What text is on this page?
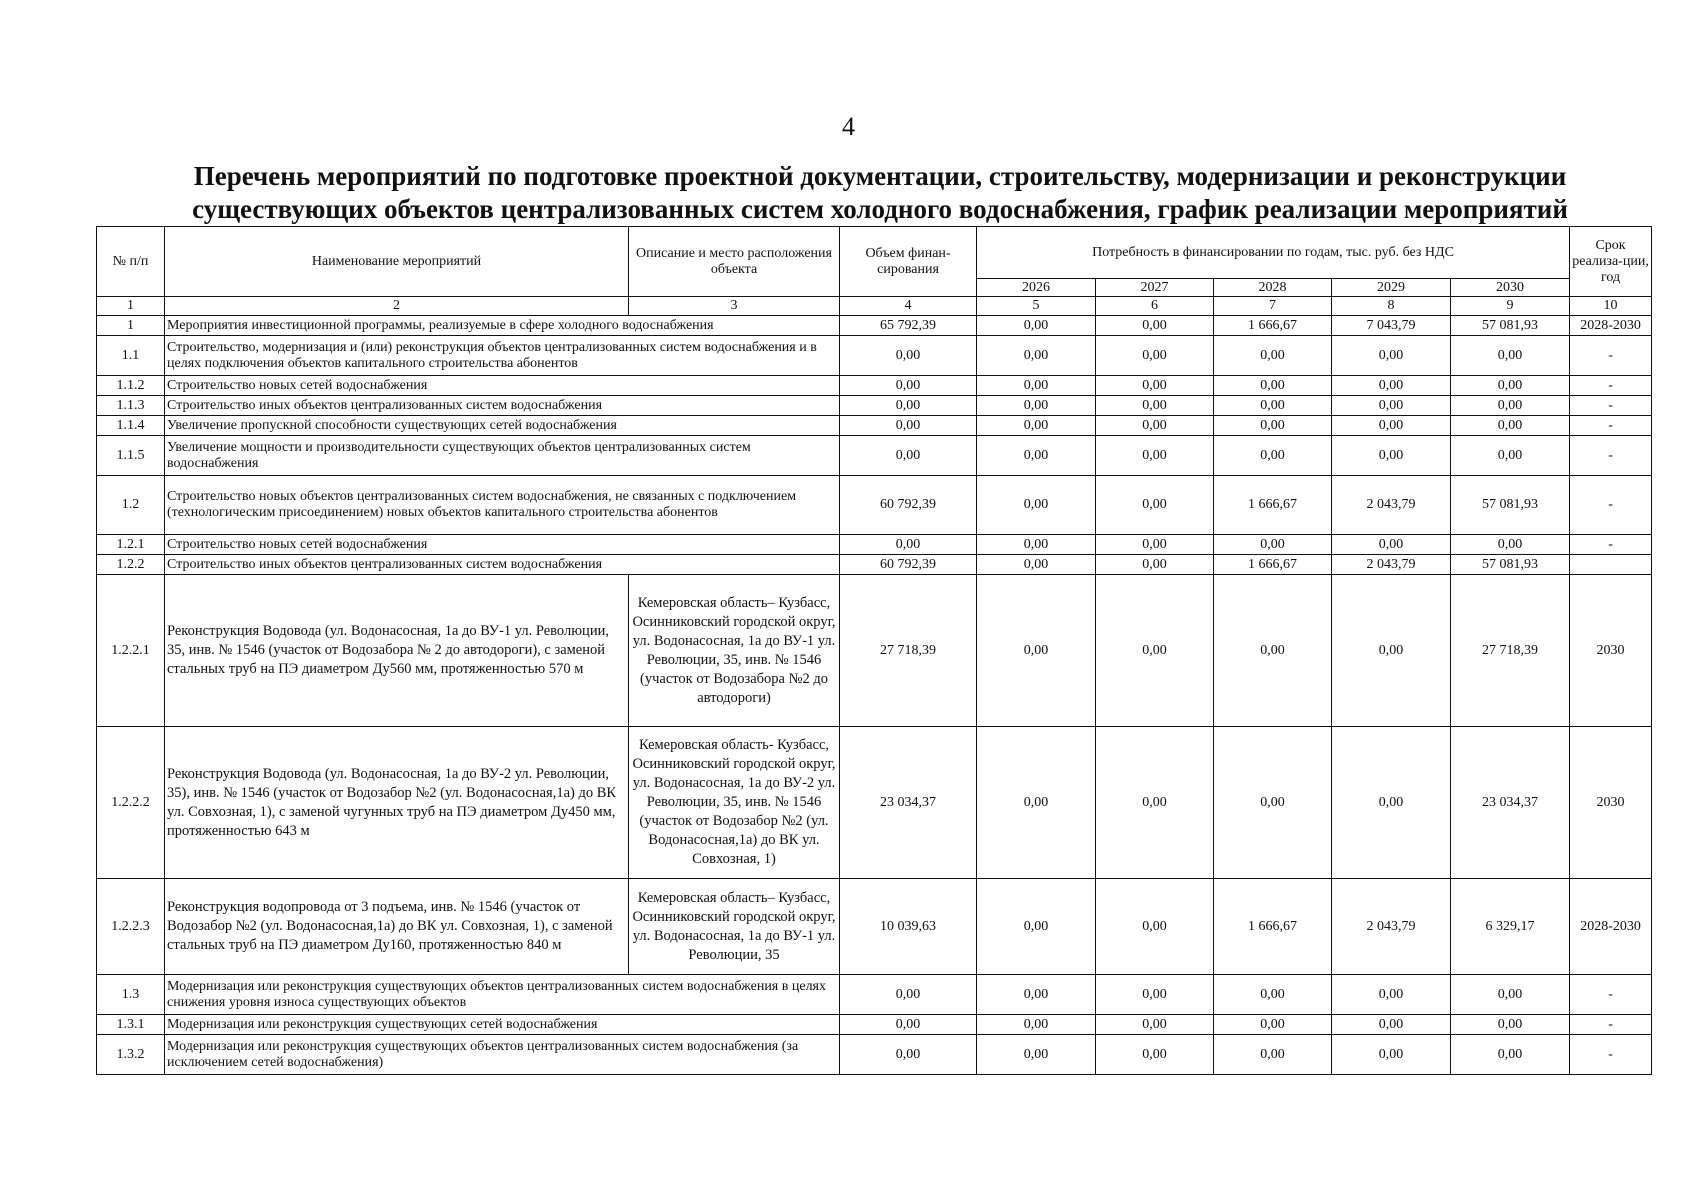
4
Перечень мероприятий по подготовке проектной документации, строительству, модернизации и реконструкции
существующих объектов централизованных систем холодного водоснабжения, график реализации мероприятий
№ п/п	Наименование мероприятий	Описание и место расположения объекта	Объем финан-сирования	Потребность в финансировании по годам, тыс. руб. без НДС					Срок реализа-ции, год
				2026	2027	2028	2029	2030	
1	2	3	4	5	6	7	8	9	10
1	Мероприятия инвестиционной программы, реализуемые в сфере холодного водоснабжения		65 792,39	0,00	0,00	1 666,67	7 043,79	57 081,93	2028-2030
1.1	Строительство, модернизация и (или) реконструкция объектов централизованных систем водоснабжения и в целях подключения объектов капитального строительства абонентов		0,00	0,00	0,00	0,00	0,00	0,00	-
1.1.2	Строительство новых сетей водоснабжения		0,00	0,00	0,00	0,00	0,00	0,00	-
1.1.3	Строительство иных объектов централизованных систем водоснабжения		0,00	0,00	0,00	0,00	0,00	0,00	-
1.1.4	Увеличение пропускной способности существующих сетей водоснабжения		0,00	0,00	0,00	0,00	0,00	0,00	-
1.1.5	Увеличение мощности и производительности существующих объектов централизованных систем водоснабжения		0,00	0,00	0,00	0,00	0,00	0,00	-
1.2	Строительство новых объектов централизованных систем водоснабжения, не связанных с подключением (технологическим присоединением) новых объектов капитального строительства абонентов		60 792,39	0,00	0,00	1 666,67	2 043,79	57 081,93	-
1.2.1	Строительство новых сетей водоснабжения		0,00	0,00	0,00	0,00	0,00	0,00	-
1.2.2	Строительство иных объектов централизованных систем водоснабжения		60 792,39	0,00	0,00	1 666,67	2 043,79	57 081,93	
1.2.2.1	Реконструкция Водовода (ул. Водонасосная, 1а до ВУ-1 ул. Революции, 35, инв. № 1546 (участок от Водозабора № 2 до автодороги), с заменой стальных труб на ПЭ диаметром Ду560 мм, протяженностью 570 м	Кемеровская область– Кузбасс, Осинниковский городской округ, ул. Водонасосная, 1а до ВУ-1 ул. Революции, 35, инв. № 1546 (участок от Водозабора №2 до автодороги)	27 718,39	0,00	0,00	0,00	0,00	27 718,39	2030
1.2.2.2	Реконструкция Водовода (ул. Водонасосная, 1а до ВУ-2 ул. Революции, 35), инв. № 1546 (участок от Водозабор №2 (ул. Водонасосная,1а) до ВК ул. Совхозная, 1), с заменой чугунных труб на ПЭ диаметром Ду450 мм, протяженностью 643 м	Кемеровская область- Кузбасс, Осинниковский городской округ, ул. Водонасосная, 1а до ВУ-2 ул. Революции, 35, инв. № 1546 (участок от Водозабор №2 (ул. Водонасосная,1а) до ВК ул. Совхозная, 1)	23 034,37	0,00	0,00	0,00	0,00	23 034,37	2030
1.2.2.3	Реконструкция водопровода от 3 подъема, инв. № 1546 (участок от Водозабор №2 (ул. Водонасосная,1а) до ВК ул. Совхозная, 1), с заменой стальных труб на ПЭ диаметром Ду160, протяженностью 840 м	Кемеровская область– Кузбасс, Осинниковский городской округ, ул. Водонасосная, 1а до ВУ-1 ул. Революции, 35	10 039,63	0,00	0,00	1 666,67	2 043,79	6 329,17	2028-2030
1.3	Модернизация или реконструкция существующих объектов централизованных систем водоснабжения в целях снижения уровня износа существующих объектов		0,00	0,00	0,00	0,00	0,00	0,00	-
1.3.1	Модернизация или реконструкция существующих сетей водоснабжения		0,00	0,00	0,00	0,00	0,00	0,00	-
1.3.2	Модернизация или реконструкция существующих объектов централизованных систем водоснабжения (за исключением сетей водоснабжения)		0,00	0,00	0,00	0,00	0,00	0,00	-
